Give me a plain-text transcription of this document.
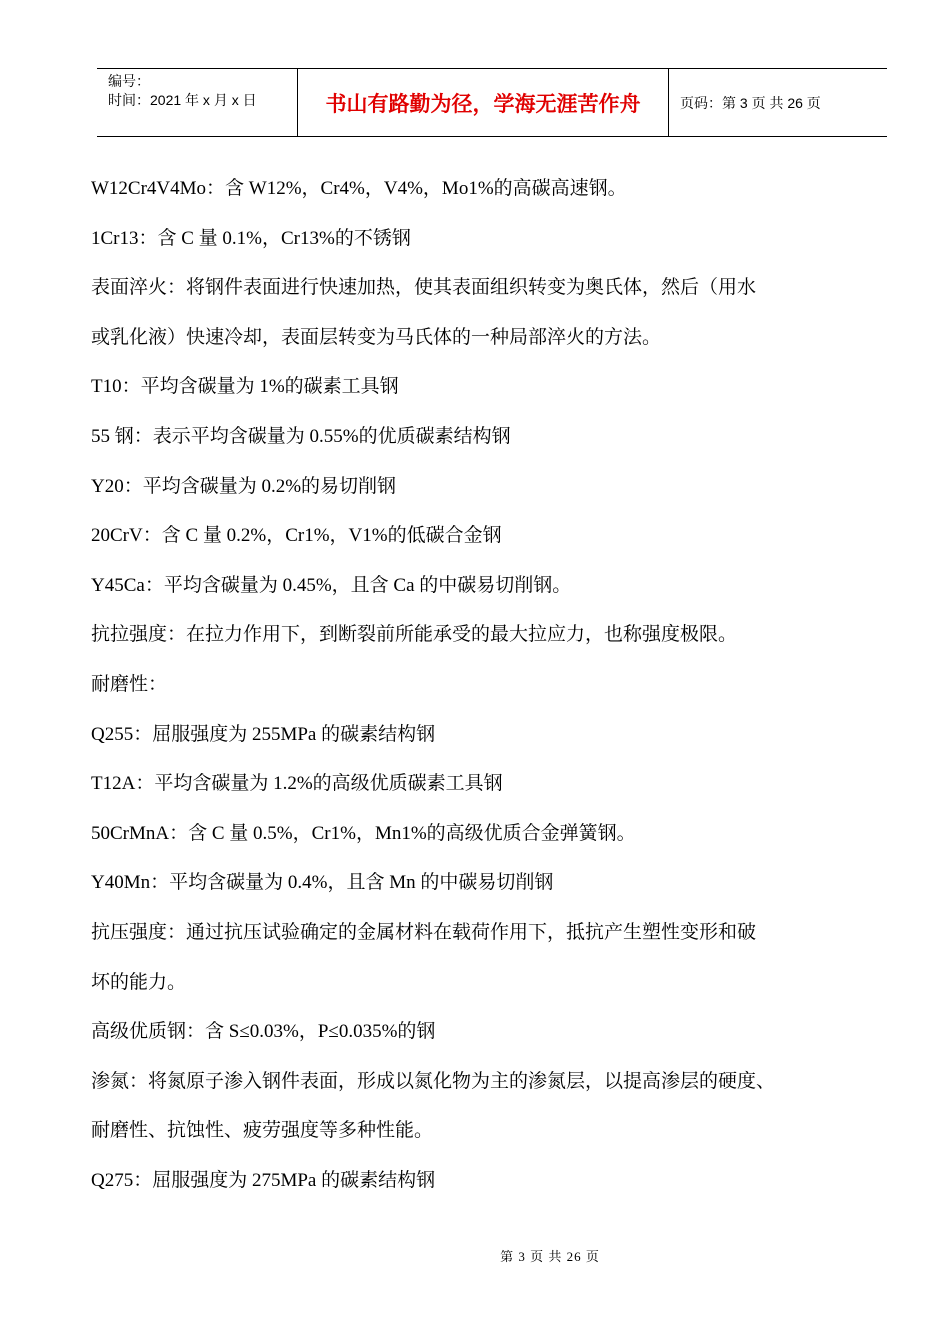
编号：
时间：2021 年 x 月 x 日	书山有路勤为径，学海无涯苦作舟	页码：第 3 页 共 26 页

W12Cr4V4Mo：含 W12%，Cr4%，V4%，Mo1%的高碳高速钢。

1Cr13：含 C 量 0.1%，Cr13%的不锈钢

表面淬火：将钢件表面进行快速加热，使其表面组织转变为奥氏体，然后（用水

或乳化液）快速冷却，表面层转变为马氏体的一种局部淬火的方法。

T10：平均含碳量为 1%的碳素工具钢

55 钢：表示平均含碳量为 0.55%的优质碳素结构钢

Y20：平均含碳量为 0.2%的易切削钢

20CrV：含 C 量 0.2%，Cr1%，V1%的低碳合金钢

Y45Ca：平均含碳量为 0.45%，且含 Ca 的中碳易切削钢。

抗拉强度：在拉力作用下，到断裂前所能承受的最大拉应力，也称强度极限。

耐磨性：

Q255：屈服强度为 255MPa 的碳素结构钢

T12A：平均含碳量为 1.2%的高级优质碳素工具钢

50CrMnA：含 C 量 0.5%，Cr1%，Mn1%的高级优质合金弹簧钢。

Y40Mn：平均含碳量为 0.4%，且含 Mn 的中碳易切削钢

抗压强度：通过抗压试验确定的金属材料在载荷作用下，抵抗产生塑性变形和破

坏的能力。

高级优质钢：含 S≤0.03%，P≤0.035%的钢

渗氮：将氮原子渗入钢件表面，形成以氮化物为主的渗氮层，以提高渗层的硬度、

耐磨性、抗蚀性、疲劳强度等多种性能。

Q275：屈服强度为 275MPa 的碳素结构钢

第 3 页 共 26 页
